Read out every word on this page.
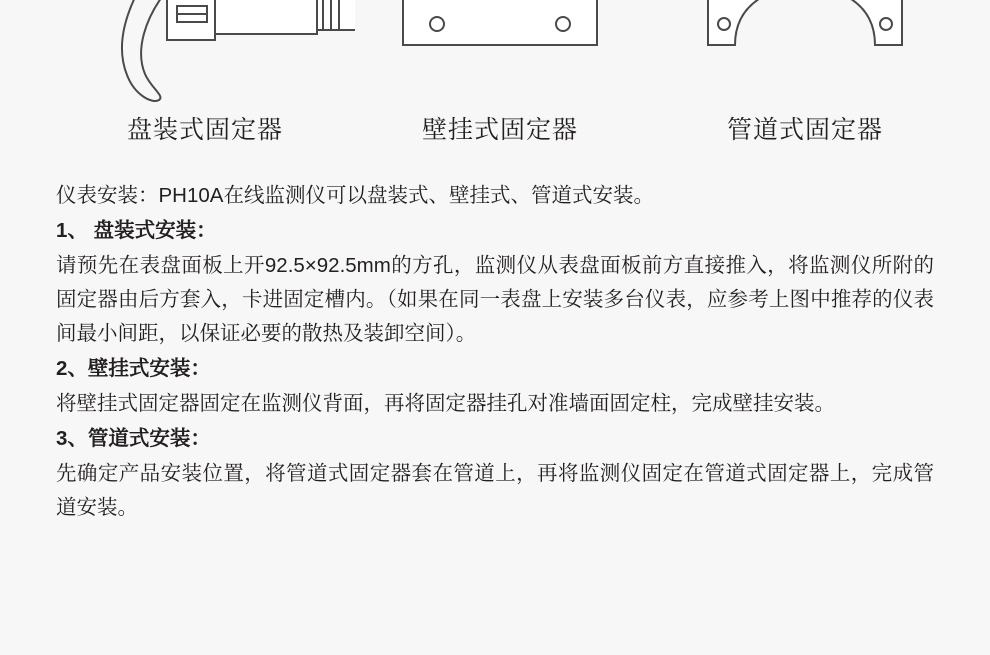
盘装式固定器	壁挂式固定器	管道式固定器

仪表安装：PH10A在线监测仪可以盘装式、壁挂式、管道式安装。

1、 盘装式安装：

请预先在表盘面板上开92.5×92.5mm的方孔，监测仪从表盘面板前方直接推入，将监测仪所附的固定器由后方套入，卡进固定槽内。（如果在同一表盘上安装多台仪表，应参考上图中推荐的仪表间最小间距，以保证必要的散热及装卸空间）。

2、壁挂式安装：

将壁挂式固定器固定在监测仪背面，再将固定器挂孔对准墙面固定柱，完成壁挂安装。

3、管道式安装：

先确定产品安装位置，将管道式固定器套在管道上，再将监测仪固定在管道式固定器上，完成管道安装。
